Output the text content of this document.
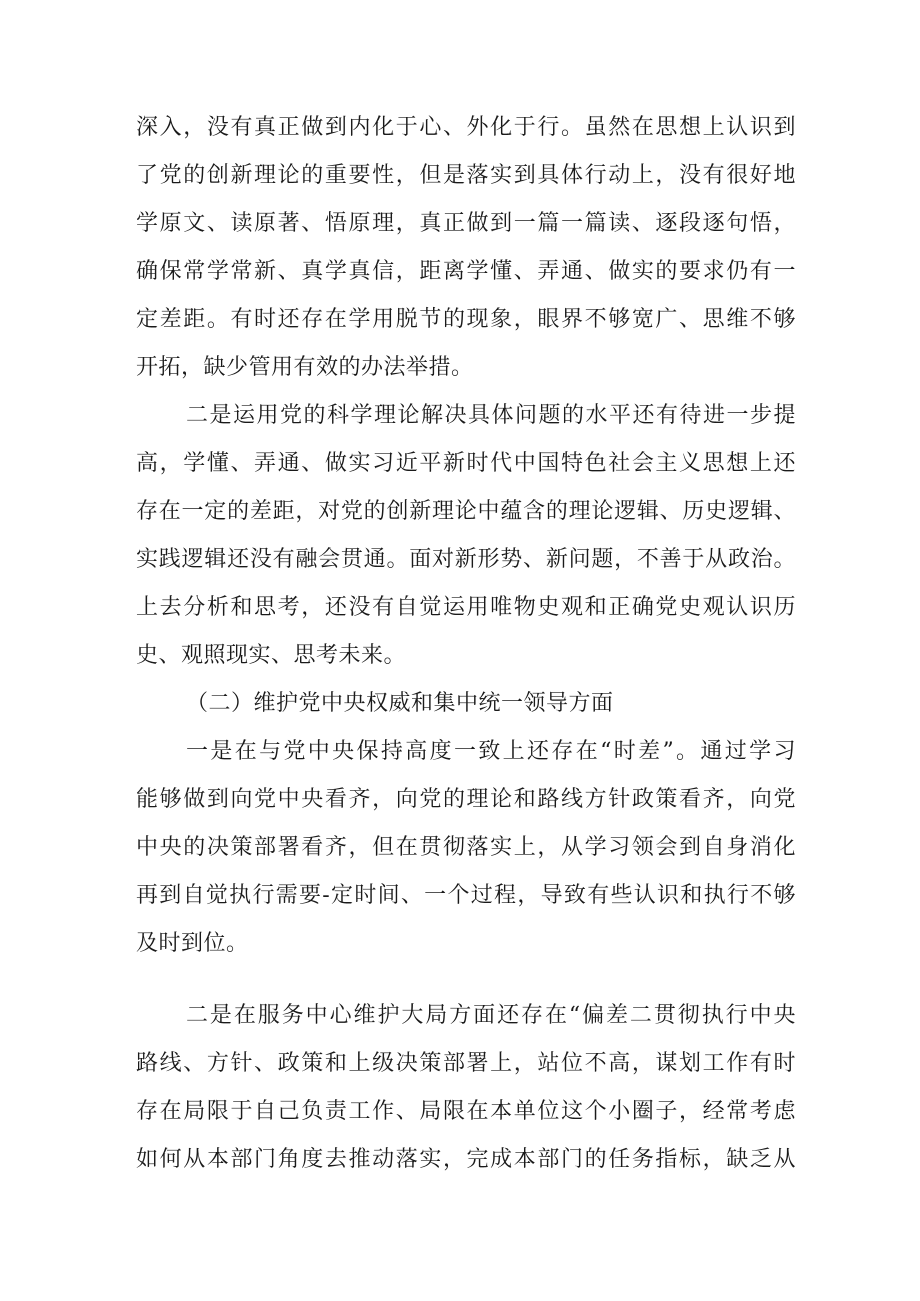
深入，没有真正做到内化于心、外化于行。虽然在思想上认识到
了党的创新理论的重要性，但是落实到具体行动上，没有很好地
学原文、读原著、悟原理，真正做到一篇一篇读、逐段逐句悟，
确保常学常新、真学真信，距离学懂、弄通、做实的要求仍有一
定差距。有时还存在学用脱节的现象，眼界不够宽广、思维不够
开拓，缺少管用有效的办法举措。
二是运用党的科学理论解决具体问题的水平还有待进一步提
高，学懂、弄通、做实习近平新时代中国特色社会主义思想上还
存在一定的差距，对党的创新理论中蕴含的理论逻辑、历史逻辑、
实践逻辑还没有融会贯通。面对新形势、新问题，不善于从政治。
上去分析和思考，还没有自觉运用唯物史观和正确党史观认识历
史、观照现实、思考未来。
（二）维护党中央权威和集中统一领导方面
一是在与党中央保持高度一致上还存在“时差”。通过学习
能够做到向党中央看齐，向党的理论和路线方针政策看齐，向党
中央的决策部署看齐，但在贯彻落实上，从学习领会到自身消化
再到自觉执行需要-定时间、一个过程，导致有些认识和执行不够
及时到位。
二是在服务中心维护大局方面还存在“偏差二贯彻执行中央
路线、方针、政策和上级决策部署上，站位不高，谋划工作有时
存在局限于自己负责工作、局限在本单位这个小圈子，经常考虑
如何从本部门角度去推动落实，完成本部门的任务指标，缺乏从
